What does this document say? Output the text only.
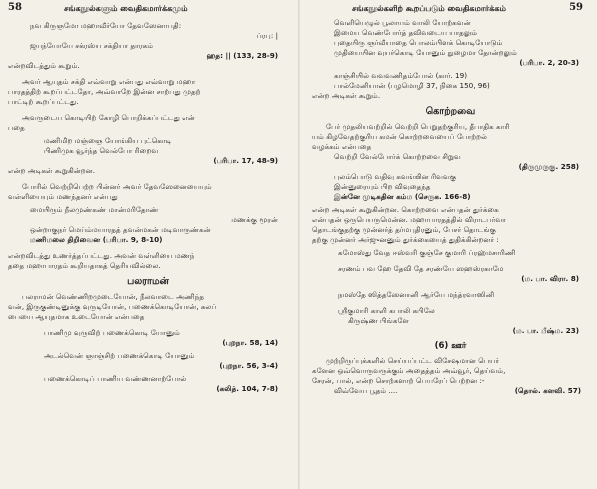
58	சங்கநூல்களும் வைதிகமார்க்கமும்

நவ கிருஞமோ மஹாவீர்யோ தேவஸேனாபதி:

ப்ரபு: |

ஜயந்யோயே சக்ரஸ்ய சக்தியா தாரகம்

ஹத: || (133, 28-9)

என்றவிடத்தும் கூறும்.

அவர் ஆயுதம் சக்தி எவ்வாறு என்பது எவ்வாறு மஹா

பாரதத்திற் கூறப்பட்டதோ, அவ்வாறே இன்ன சாற்பது முதற்

பாட்டிற் கூறப்பட்டது.

அவருடைய கொடியிற் கோழி பொறிக்கப்பட்டது என்

பதை

மணிமிற மஞ்ஞை யோங்கிய புட்கொடி

பிணிமுக வூர்ந்த வெல்போ ரிறைவ

(பரிபா. 17, 48-9)

என்ற அடிகள் கூறுகின்றன.

போரில் வெற்றிபெற்ற பின்னர் அவர் தேவஸேனையையும்

வள்ளியையும் மணந்தனர் என்பது

மையிரும் நீலமுண்கண் மான்மரிதோண்

மணக்கு மூரன்

ஒன்றாகுநர் மெய்ம்மயாரதத் தவன்மகன் மடிவாருண்கன்

மணிமலை திறிவைன (பரிபா. 9, 8-10)

என்றவிடத்து உணர்த்தப்பட்டது. அவன் வள்ளியை மணந்

ததை மஹாபாரதம் கூறியதாகத் தெரியவில்லை.

பலராமன்

பலராமன் வெண்ணிறமுடையோன், நீலவாடை அணிந்த

வன், இருகுண்டினுக்கு வுருடியோன், பணைக்கொடியோன், கலப்

பையை ஆயுதமாக உடையோன் என்பதை

பாணிமு வுருவிற் பணைக்கொடி யோனும்

(புறநா. 58, 14)

அடல்வென் ஞாஞ்சிற் பணைக்கொடி யோனும்

(புறநா. 56, 3-4)

பணைக்கொடிப் பாணிய வண்ணனாற்போல்

(கலித். 104, 7-8)

சங்கநூல்களிற் கூறப்படும் வைதிகமார்க்கம்	59

வெளியெழுல் பூலாயம் வாலி யோற்கவன்

இமைய வெண்போர்த் தவிவடைய யாதலும்

புதையிரு ஞர்வீயாதை பொலம்பிளக் கொடியோடும்

முதியையின வுயர்கொடி யோனும் நுழைமா தோன்றலும்

(பரிபா. 2, 20-3)

காஞ்சியில் வவவணிதம்போல் (கார். 19)

பால்மேனியான் (பழமொழி 37, நிகை 150, 96)

என்ற அடிகள் கூறும்.

கொற்றவை

பேர் முதலியவற்றில் வெற்றி பெறுதற்குரிய, தீபாதிக காரி

யம் கிழவேதற்குரிய கமன் கொற்றவையைப் போற்றல்

வழக்கம் என்பதை

வெற்றி வேல்போர்க் கொற்றவை சிறுவ

(திருமுருகு. 258)

புலம்பொடு வதிவு கவங்ஙின ரிவவகு

இன்னுரையும் பிற விவுதைந்த

இன்னே முடிகதின கம்ம (செருக. 166-8)

என்ற அடிகள் கூறுகின்றன. கொற்றவை என்பதன் துர்க்கை

என்பதன் ஒருபெயருமென்ன. மஹாபாரதத்தில் விராடபர்வா

தொடங்குதற்கு முன்னர்த் தர்மபுதிரனும், பேசர் தொடங்கு

தற்கு முன்னர் அர்ஜுனனும் துர்க்கையைத் துதிக்கின்றனர் :

கமோஸ்து வேத ஈஸ்வரி குஞ்சே குமாரி ப்ரஹ்மசாரிணி

சரணம் பவ ஹே தேவி தே சரண்யே ஸஹஸ்ரகாமே

(ம. பா. விரா. 8)

நமஸ்தே ஸித்தஸேனானி ஆர்யே மந்த்ரவாஸினி

ஸ்ரீகுமாரி காளி கபாலி கபிலே

கிருஷ்ண பிங்களே

(ம. பா. பீஷ்ம. 23)

(6) ஊர்

முற்றிருப்புக்களில் செய்யப்பட்ட விசேஷமான பெயர்

களேன ஒவ்வொருவருக்கும் அதைத்தம் அவ்வூர், தெய்வம்,

சேரன், பால், என்ற சொற்களாற் பெயரேப் பெற்றன :-

விவ்வேய பூதம் ....	(தொல். களவி. 57)
